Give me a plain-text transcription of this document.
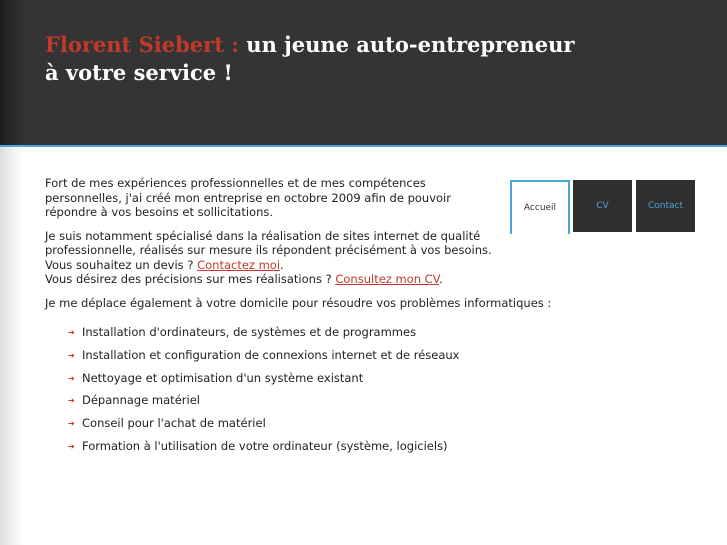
Florent Siebert : un jeune auto-entrepreneur
à votre service !
Accueil	CV	Contact

Fort de mes expériences professionnelles et de mes compétences personnelles, j'ai créé mon entreprise en octobre 2009 afin de pouvoir répondre à vos besoins et sollicitations.

Je suis notamment spécialisé dans la réalisation de sites internet de qualité professionnelle, réalisés sur mesure ils répondent précisément à vos besoins.
Vous souhaitez un devis ? Contactez moi.
Vous désirez des précisions sur mes réalisations ? Consultez mon CV.

Je me déplace également à votre domicile pour résoudre vos problèmes informatiques :

➔ Installation d'ordinateurs, de systèmes et de programmes
➔ Installation et configuration de connexions internet et de réseaux
➔ Nettoyage et optimisation d'un système existant
➔ Dépannage matériel
➔ Conseil pour l'achat de matériel
➔ Formation à l'utilisation de votre ordinateur (système, logiciels)
